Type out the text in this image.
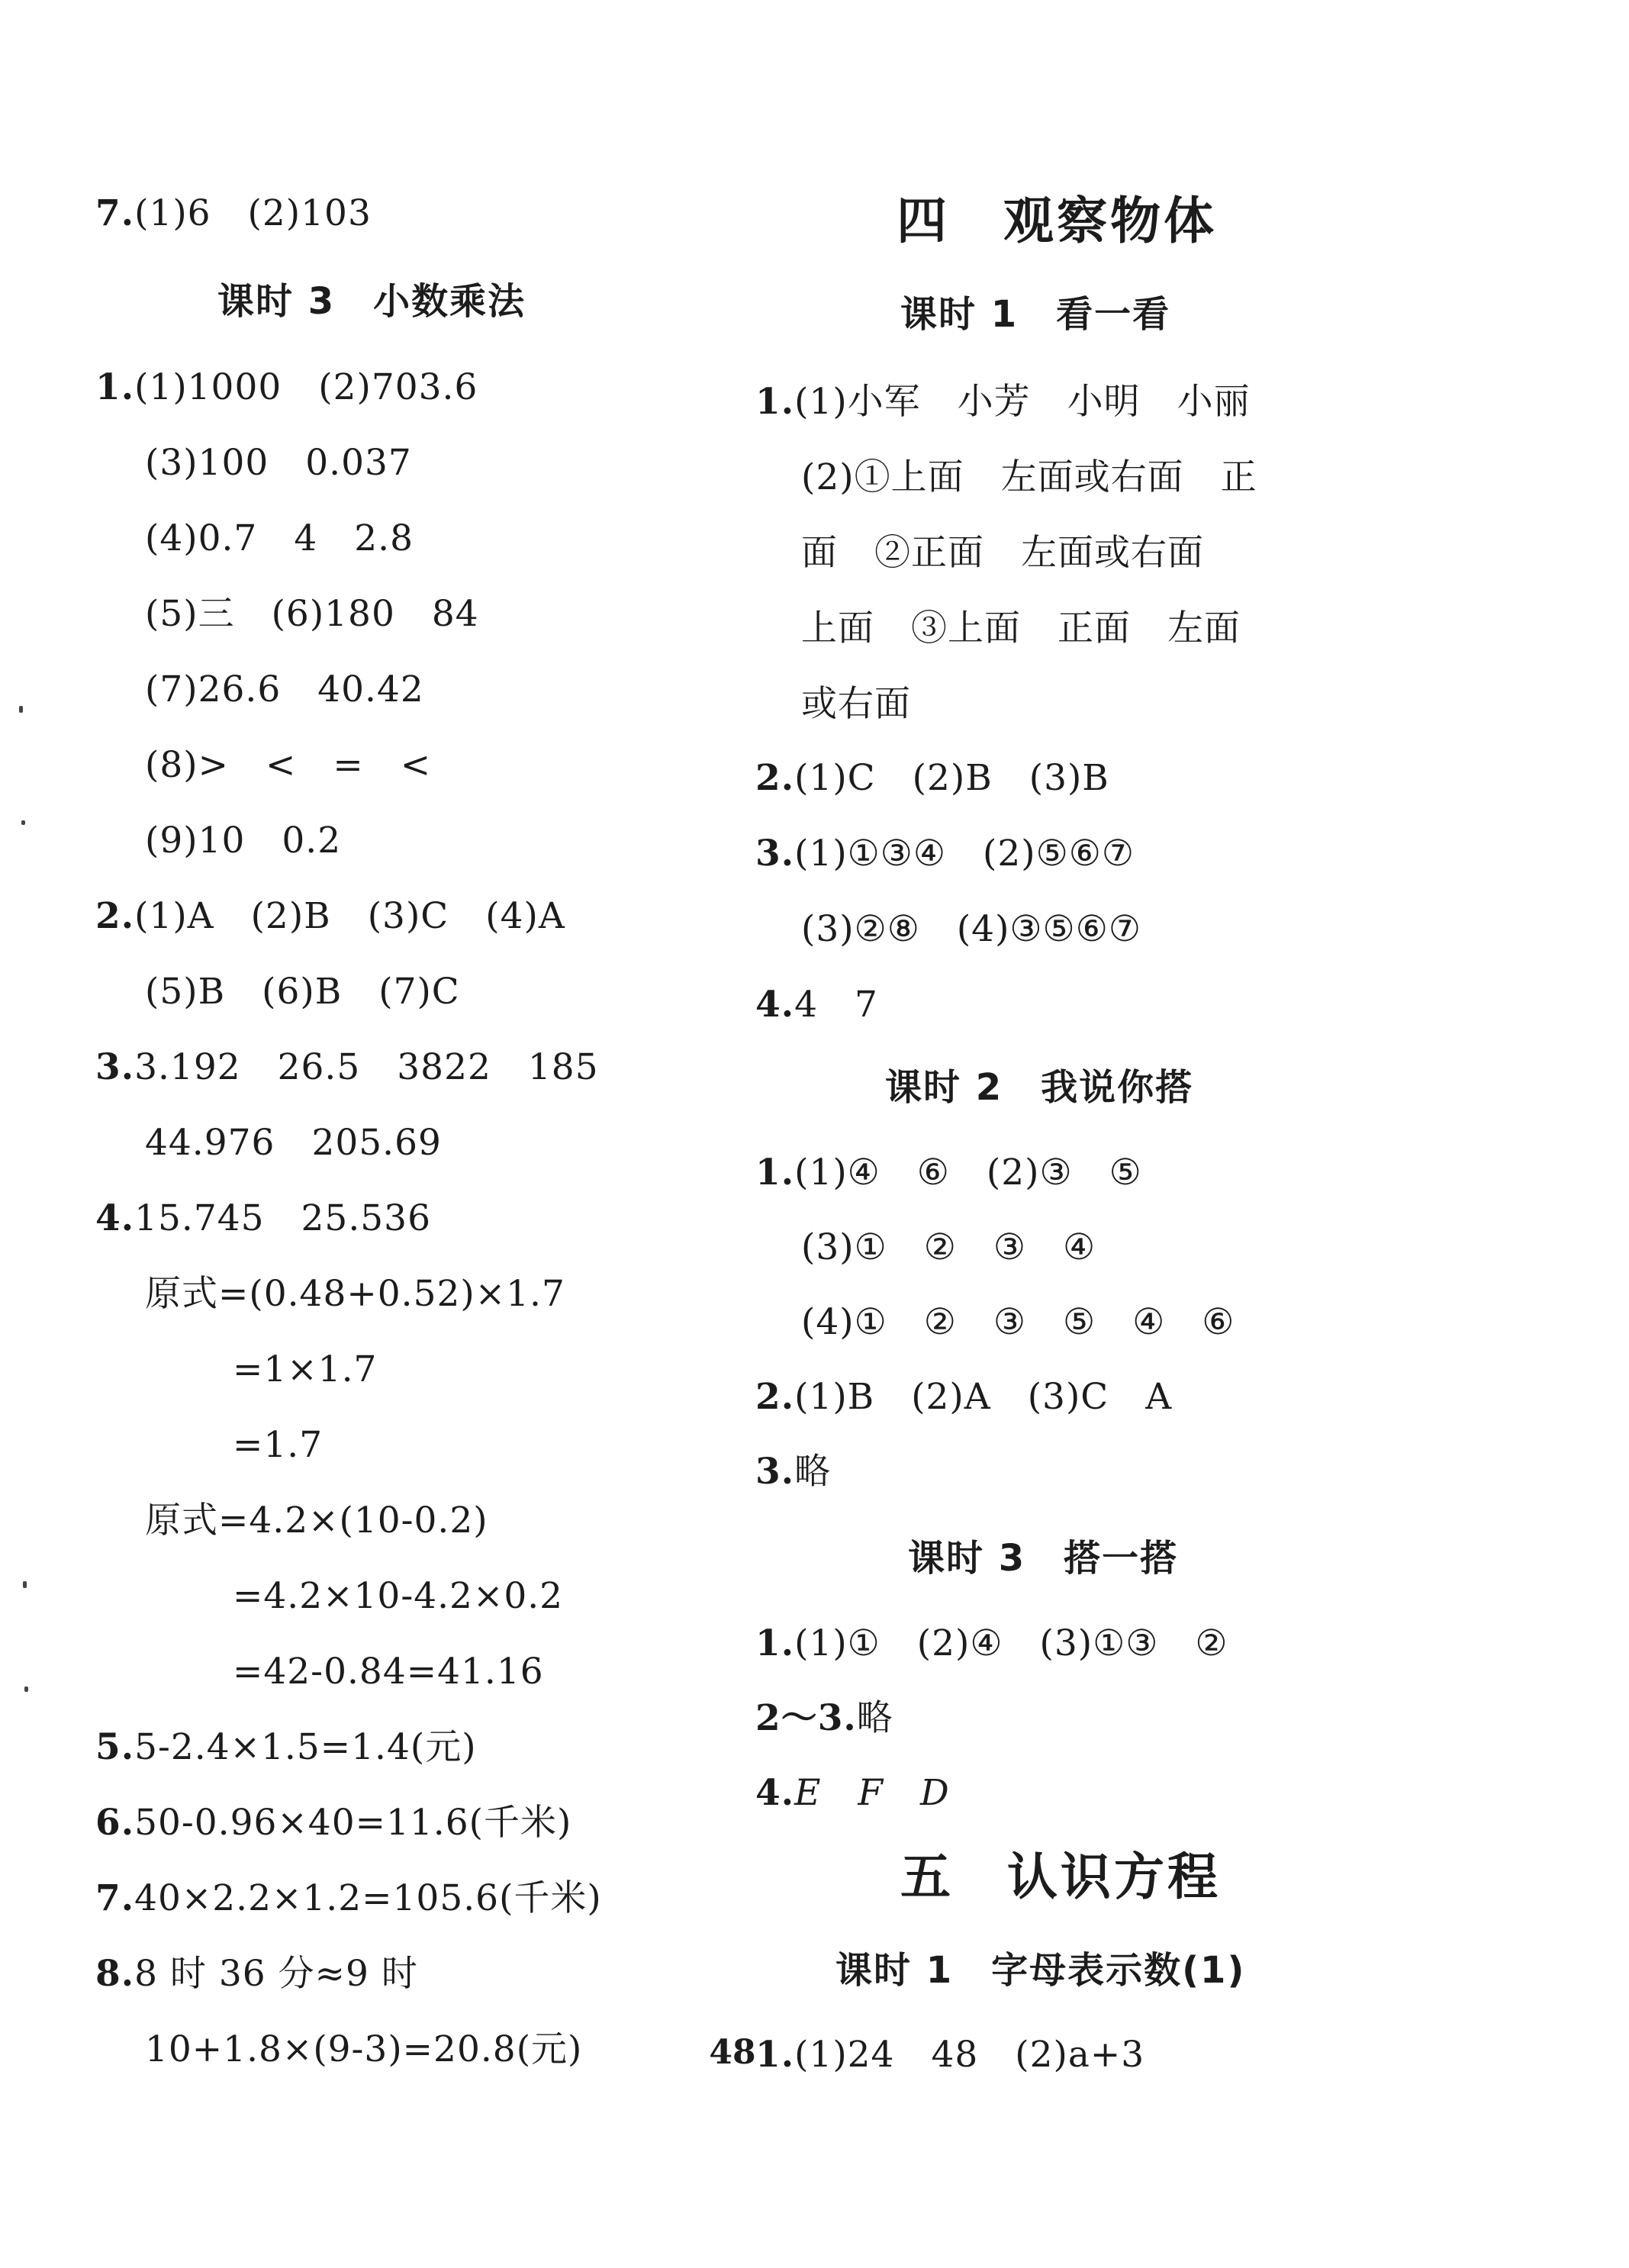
7.(1)6　(2)103
课时 3　小数乘法
1.(1)1000　(2)703.6
(3)100　0.037
(4)0.7　4　2.8
(5)三　(6)180　84
(7)26.6　40.42
(8)>　<　=　<
(9)10　0.2
2.(1)A　(2)B　(3)C　(4)A
(5)B　(6)B　(7)C
3.3.192　26.5　3822　185
44.976　205.69
4.15.745　25.536
原式=(0.48+0.52)×1.7
=1×1.7
=1.7
原式=4.2×(10-0.2)
=4.2×10-4.2×0.2
=42-0.84=41.16
5.5-2.4×1.5=1.4(元)
6.50-0.96×40=11.6(千米)
7.40×2.2×1.2=105.6(千米)
8.8 时 36 分≈9 时
10+1.8×(9-3)=20.8(元)
四　观察物体
课时 1　看一看
1.(1)小军　小芳　小明　小丽
(2)①上面　左面或右面　正
面　②正面　左面或右面
上面　③上面　正面　左面
或右面
2.(1)C　(2)B　(3)B
3.(1)①③④　(2)⑤⑥⑦
(3)②⑧　(4)③⑤⑥⑦
4.4　7
课时 2　我说你搭
1.(1)④　⑥　(2)③　⑤
(3)①　②　③　④
(4)①　②　③　⑤　④　⑥
2.(1)B　(2)A　(3)C　A
3.略
课时 3　搭一搭
1.(1)①　(2)④　(3)①③　②
2～3.略
4.E　F　D
五　认识方程
课时 1　字母表示数(1)
1.(1)24　48　(2)a+3
48
